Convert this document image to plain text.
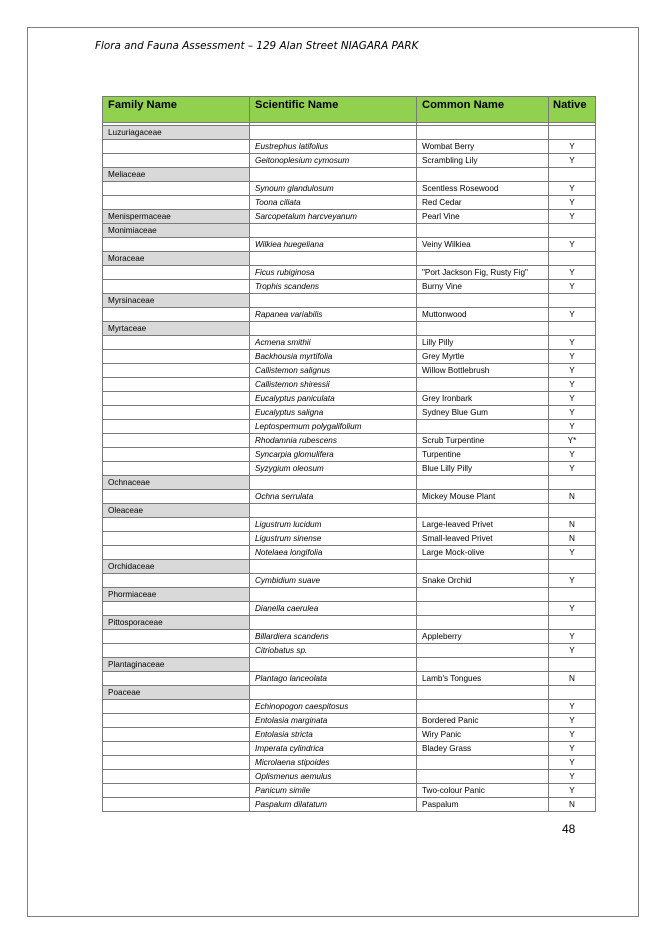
Flora and Fauna Assessment – 129 Alan Street NIAGARA PARK
Family Name	Scientific Name	Common Name	Native

Luzuriagaceae			
	Eustrephus latifolius	Wombat Berry	Y
	Geitonoplesium cymosum	Scrambling Lily	Y
Meliaceae			
	Synoum glandulosum	Scentless Rosewood	Y
	Toona ciliata	Red Cedar	Y
Menispermaceae	Sarcopetalum harcveyanum	Pearl Vine	Y
Monimiaceae			
	Wilkiea huegeliana	Veiny Wilkiea	Y
Moraceae			
	Ficus rubiginosa	"Port Jackson Fig, Rusty Fig"	Y
	Trophis scandens	Burny Vine	Y
Myrsinaceae			
	Rapanea variabilis	Muttonwood	Y
Myrtaceae			
	Acmena smithii	Lilly Pilly	Y
	Backhousia myrtifolia	Grey Myrtle	Y
	Callistemon salignus	Willow Bottlebrush	Y
	Callistemon shiressii		Y
	Eucalyptus paniculata	Grey Ironbark	Y
	Eucalyptus saligna	Sydney Blue Gum	Y
	Leptospermum polygalifolium		Y
	Rhodamnia rubescens	Scrub Turpentine	Y*
	Syncarpia glomulifera	Turpentine	Y
	Syzygium oleosum	Blue Lilly Pilly	Y
Ochnaceae			
	Ochna serrulata	Mickey Mouse Plant	N
Oleaceae			
	Ligustrum lucidum	Large-leaved Privet	N
	Ligustrum sinense	Small-leaved Privet	N
	Notelaea longifolia	Large Mock-olive	Y
Orchidaceae			
	Cymbidium suave	Snake Orchid	Y
Phormiaceae			
	Dianella caerulea		Y
Pittosporaceae			
	Billardiera scandens	Appleberry	Y
	Citriobatus sp.		Y
Plantaginaceae			
	Plantago lanceolata	Lamb's Tongues	N
Poaceae			
	Echinopogon caespitosus		Y
	Entolasia marginata	Bordered Panic	Y
	Entolasia stricta	Wiry Panic	Y
	Imperata cylindrica	Bladey Grass	Y
	Microlaena stipoides		Y
	Oplismenus aemulus		Y
	Panicum simile	Two-colour Panic	Y
	Paspalum dilatatum	Paspalum	N
48
